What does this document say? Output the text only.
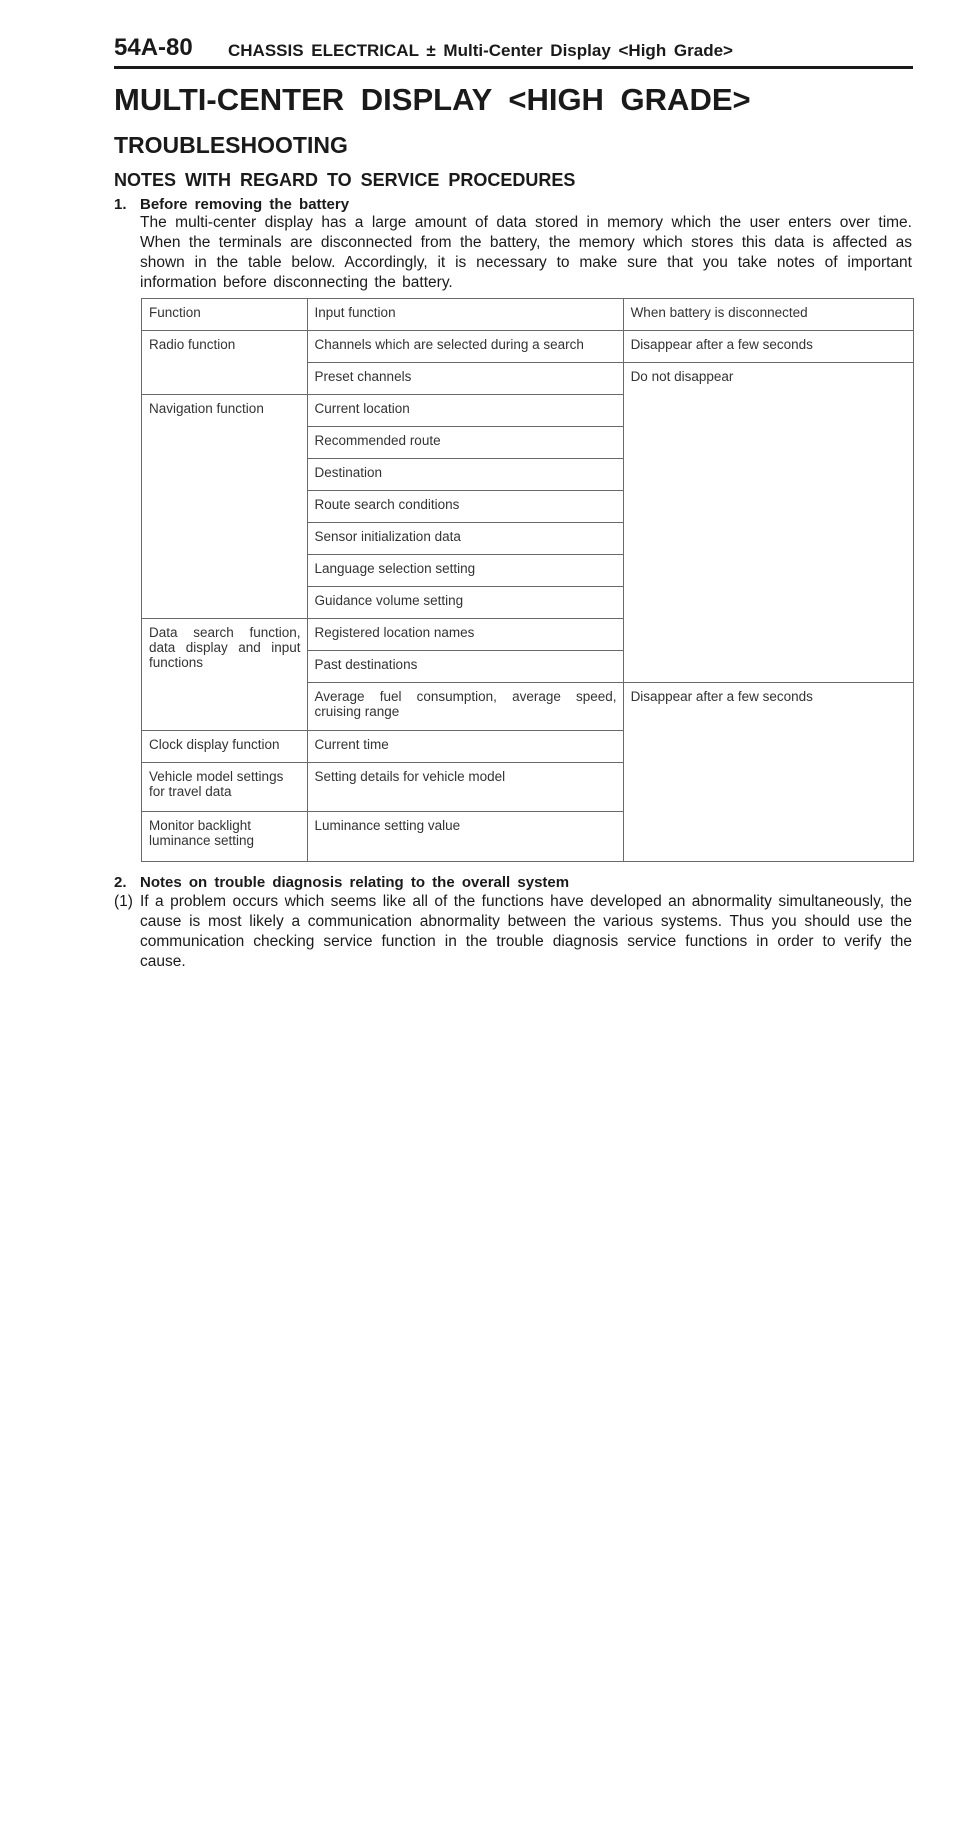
54A-80 CHASSIS ELECTRICAL ± Multi-Center Display <High Grade>
MULTI-CENTER DISPLAY <HIGH GRADE>
TROUBLESHOOTING
NOTES WITH REGARD TO SERVICE PROCEDURES
1. Before removing the battery
The multi-center display has a large amount of data stored in memory which the user enters over time. When the terminals are disconnected from the battery, the memory which stores this data is affected as shown in the table below. Accordingly, it is necessary to make sure that you take notes of important information before disconnecting the battery.
Function	Input function	When battery is disconnected
Radio function	Channels which are selected during a search	Disappear after a few seconds
	Preset channels	Do not disappear
Navigation function	Current location	
	Recommended route	
	Destination	
	Route search conditions	
	Sensor initialization data	
	Language selection setting	
	Guidance volume setting	
Data search function, data display and input functions	Registered location names	
	Past destinations	
	Average fuel consumption, average speed, cruising range	Disappear after a few seconds
Clock display function	Current time	
Vehicle model settings for travel data	Setting details for vehicle model	
Monitor backlight luminance setting	Luminance setting value	
2. Notes on trouble diagnosis relating to the overall system
(1) If a problem occurs which seems like all of the functions have developed an abnormality simultaneously, the cause is most likely a communication abnormality between the various systems. Thus you should use the communication checking service function in the trouble diagnosis service functions in order to verify the cause.
